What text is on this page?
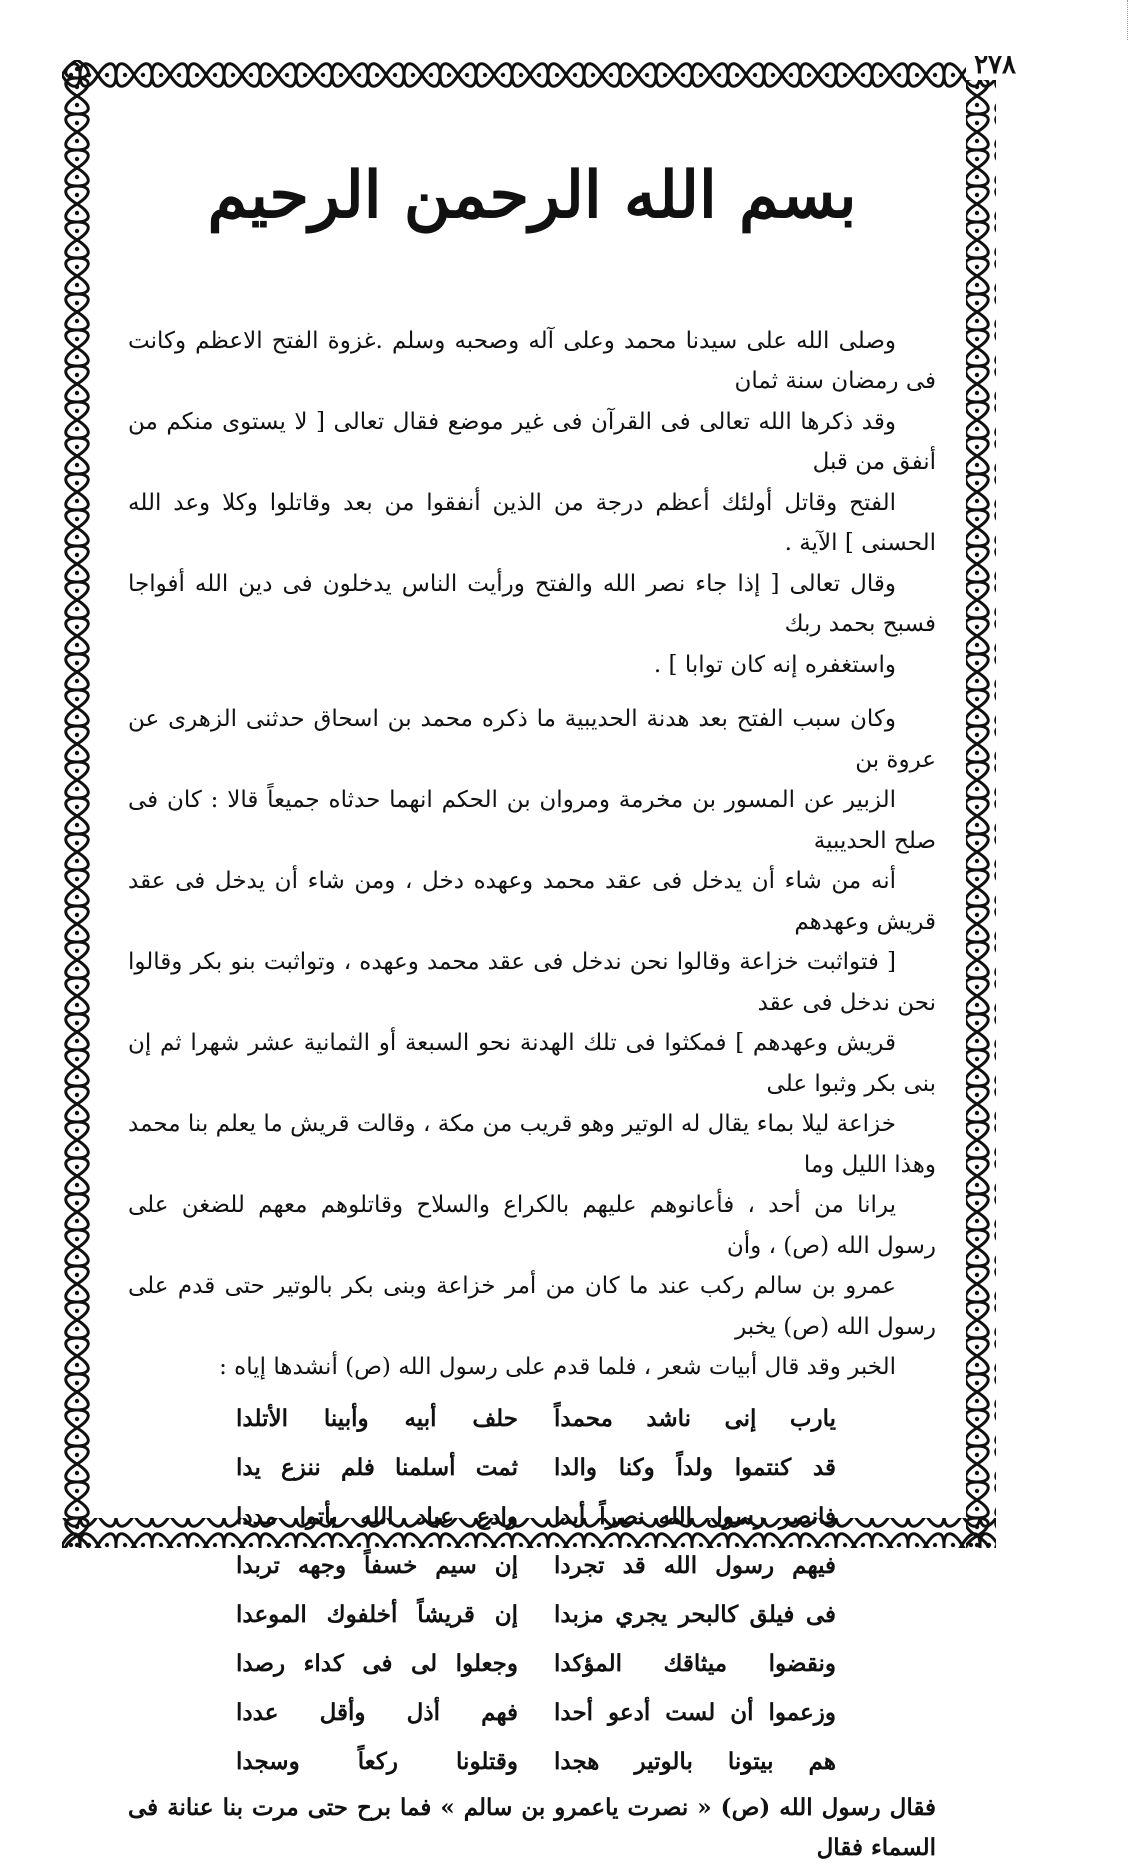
٢٧٨
بسم الله الرحمن الرحيم
وصلى الله على سيدنا محمد وعلى آله وصحبه وسلم .غزوة الفتح الاعظم وكانت فى رمضان سنة ثمان
وقد ذكرها الله تعالى فى القرآن فى غير موضع فقال تعالى [ لا يستوى منكم من أنفق من قبل
الفتح وقاتل أولئك أعظم درجة من الذين أنفقوا من بعد وقاتلوا وكلا وعد الله الحسنى ] الآية .
وقال تعالى [ إذا جاء نصر الله والفتح ورأيت الناس يدخلون فى دين الله أفواجا فسبح بحمد ربك
واستغفره إنه كان توابا ] .
وكان سبب الفتح بعد هدنة الحديبية ما ذكره محمد بن اسحاق حدثنى الزهرى عن عروة بن
الزبير عن المسور بن مخرمة ومروان بن الحكم انهما حدثاه جميعاً قالا : كان فى صلح الحديبية
أنه من شاء أن يدخل فى عقد محمد وعهده دخل ، ومن شاء أن يدخل فى عقد قريش وعهدهم
[ فتواثبت خزاعة وقالوا نحن ندخل فى عقد محمد وعهده ، وتواثبت بنو بكر وقالوا نحن ندخل فى عقد
قريش وعهدهم ] فمكثوا فى تلك الهدنة نحو السبعة أو الثمانية عشر شهرا ثم إن بنى بكر وثبوا على
خزاعة ليلا بماء يقال له الوتير وهو قريب من مكة ، وقالت قريش ما يعلم بنا محمد وهذا الليل وما
يرانا من أحد ، فأعانوهم عليهم بالكراع والسلاح وقاتلوهم معهم للضغن على رسول الله (ص) ، وأن
عمرو بن سالم ركب عند ما كان من أمر خزاعة وبنى بكر بالوتير حتى قدم على رسول الله (ص) يخبر
الخبر وقد قال أبيات شعر ، فلما قدم على رسول الله (ص) أنشدها إياه :
يارب إنى ناشد محمداً
حلف أبيه وأبينا الأتلدا
قد كنتموا ولداً وكنا والدا
ثمت أسلمنا فلم ننزع يدا
فانصر رسول الله نصراً أبدا
وادع عباد الله يأتوا مددا
فيهم رسول الله قد تجردا
إن سيم خسفاً وجهه تربدا
فى فيلق كالبحر يجري مزبدا
إن قريشاً أخلفوك الموعدا
ونقضوا ميثاقك المؤكدا
وجعلوا لى فى كداء رصدا
وزعموا أن لست أدعو أحدا
فهم أذل وأقل عددا
هم بيتونا بالوتير هجدا
وقتلونا ركعاً وسجدا
فقال رسول الله (ص) « نصرت ياعمرو بن سالم » فما برح حتى مرت بنا عنانة فى السماء فقال
